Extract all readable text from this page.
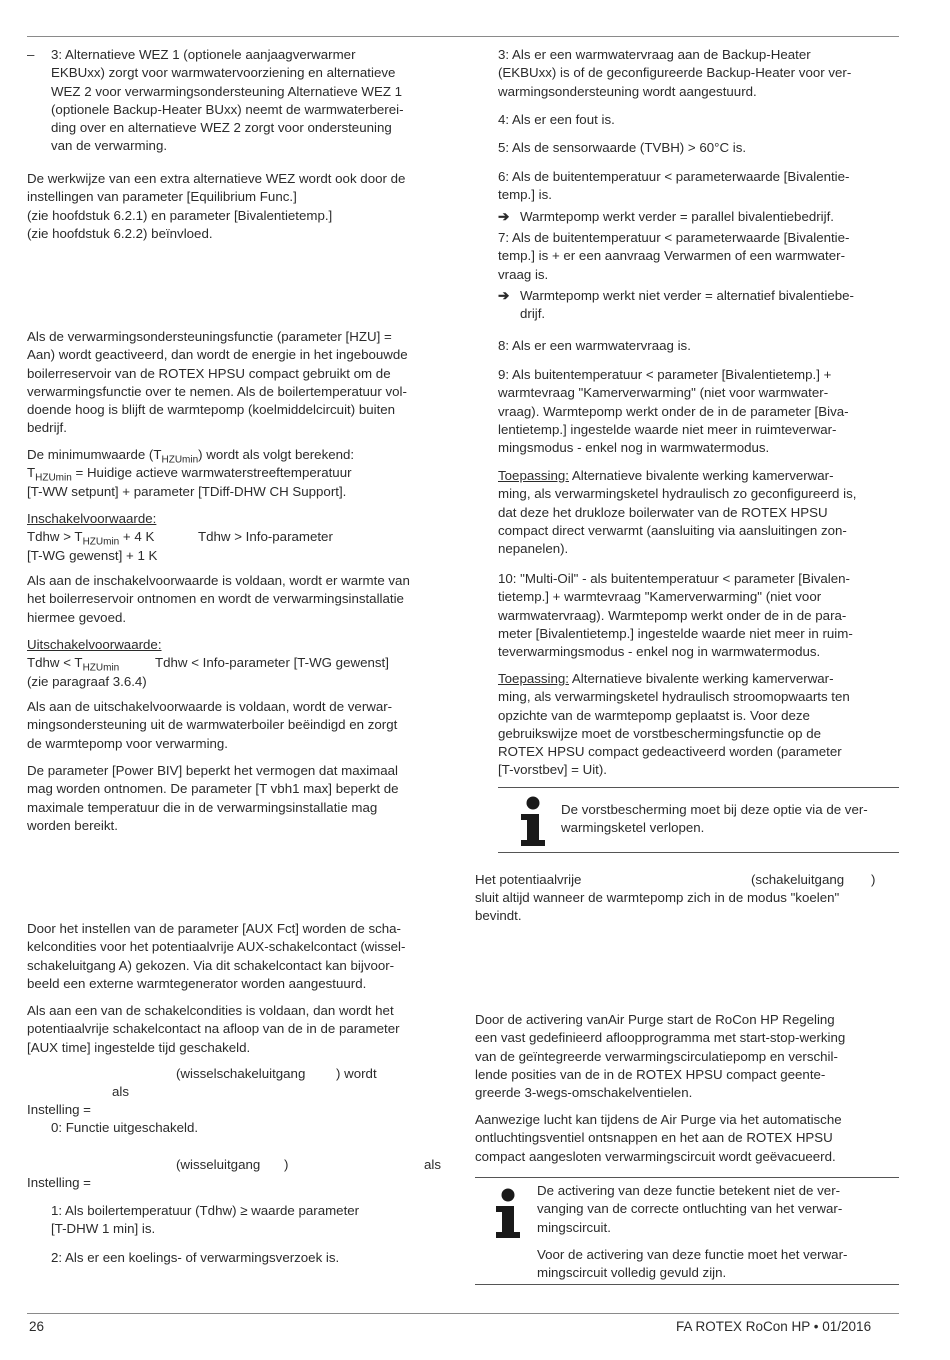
– 3: Alternatieve WEZ 1 (optionele aanjaagverwarmer

EKBUxx) zorgt voor warmwatervoorziening en alternatieve

WEZ 2 voor verwarmingsondersteuning Alternatieve WEZ 1

(optionele Backup-Heater BUxx) neemt de warmwaterberei-

ding over en alternatieve WEZ 2 zorgt voor ondersteuning

van de verwarming.

De werkwijze van een extra alternatieve WEZ wordt ook door de

instellingen van parameter [Equilibrium Func.]

(zie hoofdstuk 6.2.1) en parameter [Bivalentietemp.]

(zie hoofdstuk 6.2.2) beïnvloed.

Als de verwarmingsondersteuningsfunctie (parameter [HZU] =

Aan) wordt geactiveerd, dan wordt de energie in het ingebouwde

boilerreservoir van de ROTEX HPSU compact gebruikt om de

verwarmingsfunctie over te nemen. Als de boilertemperatuur vol-

doende hoog is blijft de warmtepomp (koelmiddelcircuit) buiten

bedrijf.

De minimumwaarde $(T_{HZUmin})$ wordt als volgt berekend:

$T_{HZUmin}$ = Huidige actieve warmwaterstreeftemperatuur

[T-WW setpunt] + parameter [TDiff-DHW CH Support].

Inschakelvoorwaarde:

Tdhw > $T_{HZUmin} + 4$ K	Tdhw > Info-parameter

[T-WG gewenst] + 1 K

Als aan de inschakelvoorwaarde is voldaan, wordt er warmte van

het boilerreservoir ontnomen en wordt de verwarmingsinstallatie

hiermee gevoed.

Uitschakelvoorwaarde:

Tdhw < $T_{HZUmin}$	Tdhw < Info-parameter [T-WG gewenst]

(zie paragraaf 3.6.4)

Als aan de uitschakelvoorwaarde is voldaan, wordt de verwar-

mingsondersteuning uit de warmwaterboiler beëindigd en zorgt

de warmtepomp voor verwarming.

De parameter [Power BIV] beperkt het vermogen dat maximaal

mag worden ontnomen. De parameter [T vbh1 max] beperkt de

maximale temperatuur die in de verwarmingsinstallatie mag

worden bereikt.

Door het instellen van de parameter [AUX Fct] worden de scha-

kelcondities voor het potentiaalvrije AUX-schakelcontact (wissel-

schakeluitgang A) gekozen. Via dit schakelcontact kan bijvoor-

beeld een externe warmtegenerator worden aangestuurd.

Als aan een van de schakelcondities is voldaan, dan wordt het

potentiaalvrije schakelcontact na afloop van de in de parameter

[AUX time] ingestelde tijd geschakeld.

(wisselschakeluitgang ) wordt
als
Instelling =
0: Functie uitgeschakeld.
(wisseluitgang )	als
Instelling =

1: Als boilertemperatuur (Tdhw) ≥ waarde parameter

[T-DHW 1 min] is.

2: Als er een koelings- of verwarmingsverzoek is.

3: Als er een warmwatervraag aan de Backup-Heater

(EKBUxx) is of de geconfigureerde Backup-Heater voor ver-

warmingsondersteuning wordt aangestuurd.

4: Als er een fout is.

5: Als de sensorwaarde (TVBH) > 60°C is.

6: Als de buitentemperatuur < parameterwaarde [Bivalentie-

temp.] is.

➔ Warmtepomp werkt verder = parallel bivalentiebedrijf.

7: Als de buitentemperatuur < parameterwaarde [Bivalentie-

temp.] is + er een aanvraag Verwarmen of een warmwater-

vraag is.

➔ Warmtepomp werkt niet verder = alternatief bivalentiebe-

drijf.

8: Als er een warmwatervraag is.

9: Als buitentemperatuur < parameter [Bivalentietemp.] +

warmtevraag "Kamerverwarming" (niet voor warmwater-

vraag). Warmtepomp werkt onder de in de parameter [Biva-

lentietemp.] ingestelde waarde niet meer in ruimteverwar-

mingsmodus - enkel nog in warmwatermodus.

Toepassing: Alternatieve bivalente werking kamerverwar-

ming, als verwarmingsketel hydraulisch zo geconfigureerd is,

dat deze het drukloze boilerwater van de ROTEX HPSU

compact direct verwarmt (aansluiting via aansluitingen zon-

nepanelen).

10: "Multi-Oil" - als buitentemperatuur < parameter [Bivalen-

tietemp.] + warmtevraag "Kamerverwarming" (niet voor

warmwatervraag). Warmtepomp werkt onder de in de para-

meter [Bivalentietemp.] ingestelde waarde niet meer in ruim-

teverwarmingsmodus - enkel nog in warmwatermodus.

Toepassing: Alternatieve bivalente werking kamerverwar-

ming, als verwarmingsketel hydraulisch stroomopwaarts ten

opzichte van de warmtepomp geplaatst is. Voor deze

gebruikswijze moet de vorstbeschermingsfunctie op de

ROTEX HPSU compact gedeactiveerd worden (parameter

[T-vorstbev] = Uit).

De vorstbescherming moet bij deze optie via de ver-

warmingsketel verlopen.

Het potentiaalvrije	(schakeluitgang )

sluit altijd wanneer de warmtepomp zich in de modus "koelen"

bevindt.

Door de activering vanAir Purge start de RoCon HP Regeling

een vast gedefinieerd afloopprogramma met start-stop-werking

van de geïntegreerde verwarmingscirculatiepomp en verschil-

lende posities van de in de ROTEX HPSU compact geente-

greerde 3-wegs-omschakelventielen.

Aanwezige lucht kan tijdens de Air Purge via het automatische

ontluchtingsventiel ontsnappen en het aan de ROTEX HPSU

compact aangesloten verwarmingscircuit wordt geëvacueerd.

De activering van deze functie betekent niet de ver-

vanging van de correcte ontluchting van het verwar-

mingscircuit.

Voor de activering van deze functie moet het verwar-

mingscircuit volledig gevuld zijn.

26	FA ROTEX RoCon HP • 01/2016
